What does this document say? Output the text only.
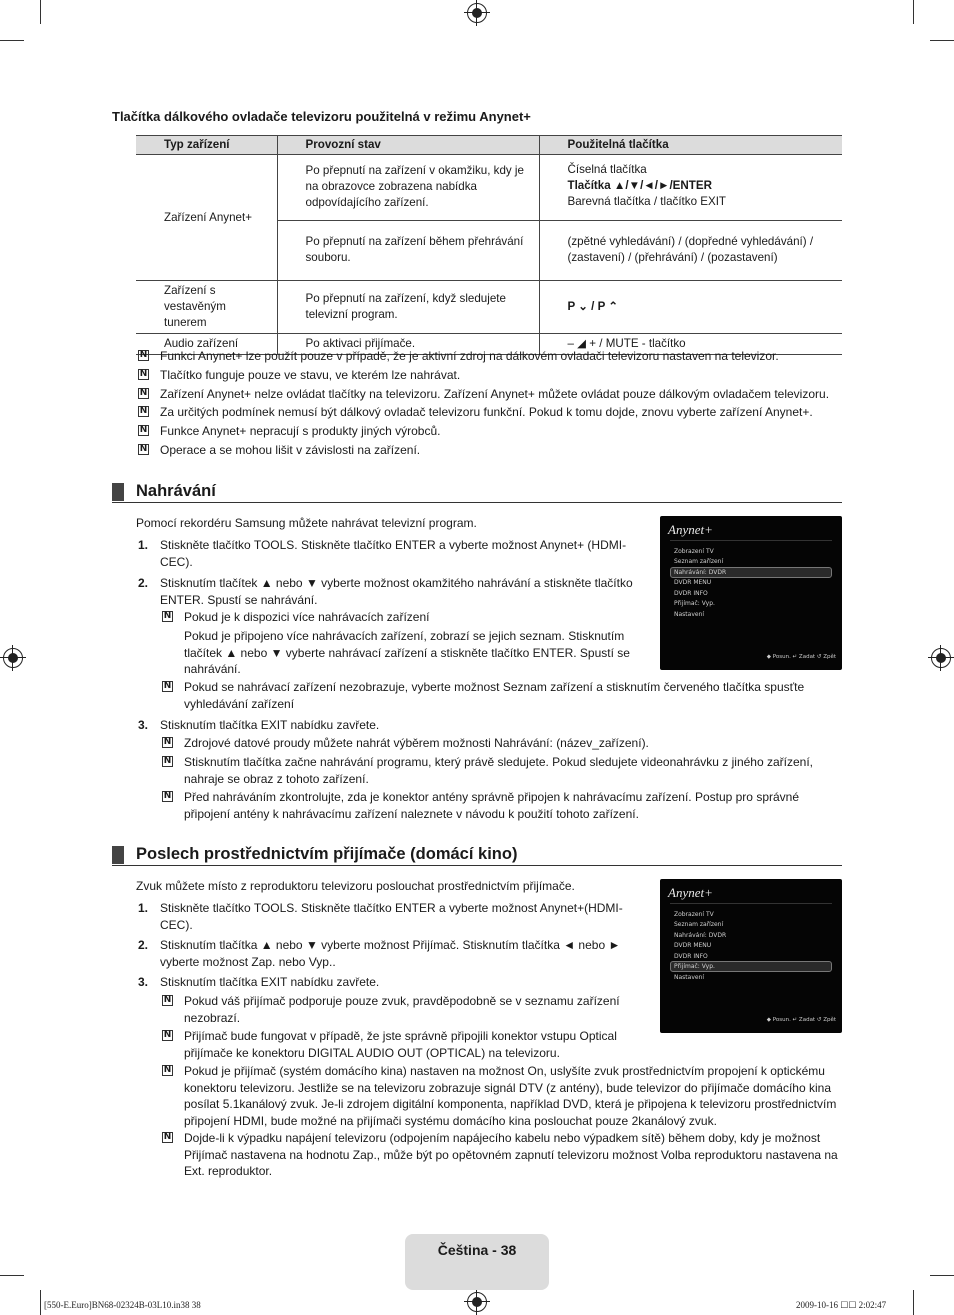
Tlačítka dálkového ovladače televizoru použitelná v režimu Anynet+
Typ zařízení	Provozní stav	Použitelná tlačítka
Zařízení Anynet+	Po přepnutí na zařízení v okamžiku, kdy je na obrazovce zobrazena nabídka odpovídajícího zařízení.	Číselná tlačítka
Tlačítka ▲/▼/◄/►/ENTER
Barevná tlačítka / tlačítko EXIT

	Po přepnutí na zařízení během přehrávání souboru.	(zpětné vyhledávání) / (dopředné vyhledávání) / (zastavení) / (přehrávání) / (pozastavení)
Zařízení s vestavěným tunerem	Po přepnutí na zařízení, když sledujete televizní program.	P ⌄ / P ⌃
Audio zařízení	Po aktivaci přijímače.	– ◢ + / MUTE - tlačítko
N Funkci Anynet+ lze použít pouze v případě, že je aktivní zdroj na dálkovém ovladači televizoru nastaven na televizor.
N Tlačítko funguje pouze ve stavu, ve kterém lze nahrávat.
N Zařízení Anynet+ nelze ovládat tlačítky na televizoru. Zařízení Anynet+ můžete ovládat pouze dálkovým ovladačem televizoru.
N Za určitých podmínek nemusí být dálkový ovladač televizoru funkční. Pokud k tomu dojde, znovu vyberte zařízení Anynet+.
N Funkce Anynet+ nepracují s produkty jiných výrobců.
N Operace a se mohou lišit v závislosti na zařízení.
Nahrávání
Pomocí rekordéru Samsung můžete nahrávat televizní program.
1. Stiskněte tlačítko TOOLS. Stiskněte tlačítko ENTER a vyberte možnost Anynet+ (HDMI-CEC).
2. Stisknutím tlačítek ▲ nebo ▼ vyberte možnost okamžitého nahrávání a stiskněte tlačítko ENTER. Spustí se nahrávání.
N Pokud je k dispozici více nahrávacích zařízení
Pokud je připojeno více nahrávacích zařízení, zobrazí se jejich seznam. Stisknutím tlačítek ▲ nebo ▼ vyberte nahrávací zařízení a stiskněte tlačítko ENTER. Spustí se nahrávání.
N Pokud se nahrávací zařízení nezobrazuje, vyberte možnost Seznam zařízení a stisknutím červeného tlačítka spusťte vyhledávání zařízení
3. Stisknutím tlačítka EXIT nabídku zavřete.
N Zdrojové datové proudy můžete nahrát výběrem možnosti Nahrávání: (název_zařízení).
N Stisknutím tlačítka začne nahrávání programu, který právě sledujete. Pokud sledujete videonahrávku z jiného zařízení, nahraje se obraz z tohoto zařízení.
N Před nahráváním zkontrolujte, zda je konektor antény správně připojen k nahrávacímu zařízení. Postup pro správné připojení antény k nahrávacímu zařízení naleznete v návodu k použití tohoto zařízení.
Anynet+
Zobrazení TV
Seznam zařízení
Nahrávání: DVDR
DVDR MENU
DVDR INFO
Přijímač: Vyp.
Nastavení
◆ Posun. ↵ Zadat ↺ Zpět
Poslech prostřednictvím přijímače (domácí kino)
Zvuk můžete místo z reproduktoru televizoru poslouchat prostřednictvím přijímače.
1. Stiskněte tlačítko TOOLS. Stiskněte tlačítko ENTER a vyberte možnost Anynet+(HDMI-CEC).
2. Stisknutím tlačítka ▲ nebo ▼ vyberte možnost Přijímač. Stisknutím tlačítka ◄ nebo ► vyberte možnost Zap. nebo Vyp..
3. Stisknutím tlačítka EXIT nabídku zavřete.
N Pokud váš přijímač podporuje pouze zvuk, pravděpodobně se v seznamu zařízení nezobrazí.
N Přijímač bude fungovat v případě, že jste správně připojili konektor vstupu Optical přijímače ke konektoru DIGITAL AUDIO OUT (OPTICAL) na televizoru.
N Pokud je přijímač (systém domácího kina) nastaven na možnost On, uslyšíte zvuk prostřednictvím propojení k optickému konektoru televizoru. Jestliže se na televizoru zobrazuje signál DTV (z antény), bude televizor do přijímače domácího kina posílat 5.1kanálový zvuk. Je-li zdrojem digitální komponenta, například DVD, která je připojena k televizoru prostřednictvím připojení HDMI, bude možné na přijímači systému domácího kina poslouchat pouze 2kanálový zvuk.
N Dojde-li k výpadku napájení televizoru (odpojením napájecího kabelu nebo výpadkem sítě) během doby, kdy je možnost Přijímač nastavena na hodnotu Zap., může být po opětovném zapnutí televizoru možnost Volba reproduktoru nastavena na Ext. reproduktor.
Anynet+
Zobrazení TV
Seznam zařízení
Nahrávání: DVDR
DVDR MENU
DVDR INFO
Přijímač: Vyp.
Nastavení
◆ Posun. ↵ Zadat ↺ Zpět
Čeština - 38
[550-E.Euro]BN68-02324B-03L10.in38 38	2009-10-16 ☐☐ 2:02:47
